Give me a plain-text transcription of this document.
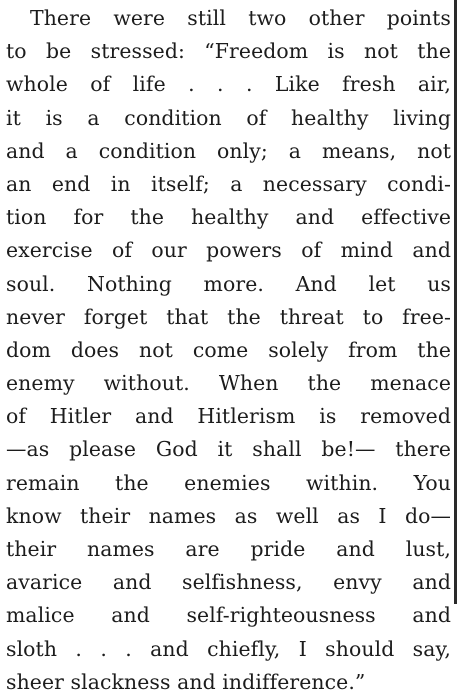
There were still two other points
to be stressed: “Freedom is not the
whole of life . . . Like fresh air,
it is a condition of healthy living
and a condition only; a means, not
an end in itself; a necessary condi-
tion for the healthy and effective
exercise of our powers of mind and
soul. Nothing more. And let us
never forget that the threat to free-
dom does not come solely from the
enemy without. When the menace
of Hitler and Hitlerism is removed
—as please God it shall be!— there
remain the enemies within. You
know their names as well as I do—
their names are pride and lust,
avarice and selfishness, envy and
malice and self-righteousness and
sloth . . . and chiefly, I should say,
sheer slackness and indifference.”
